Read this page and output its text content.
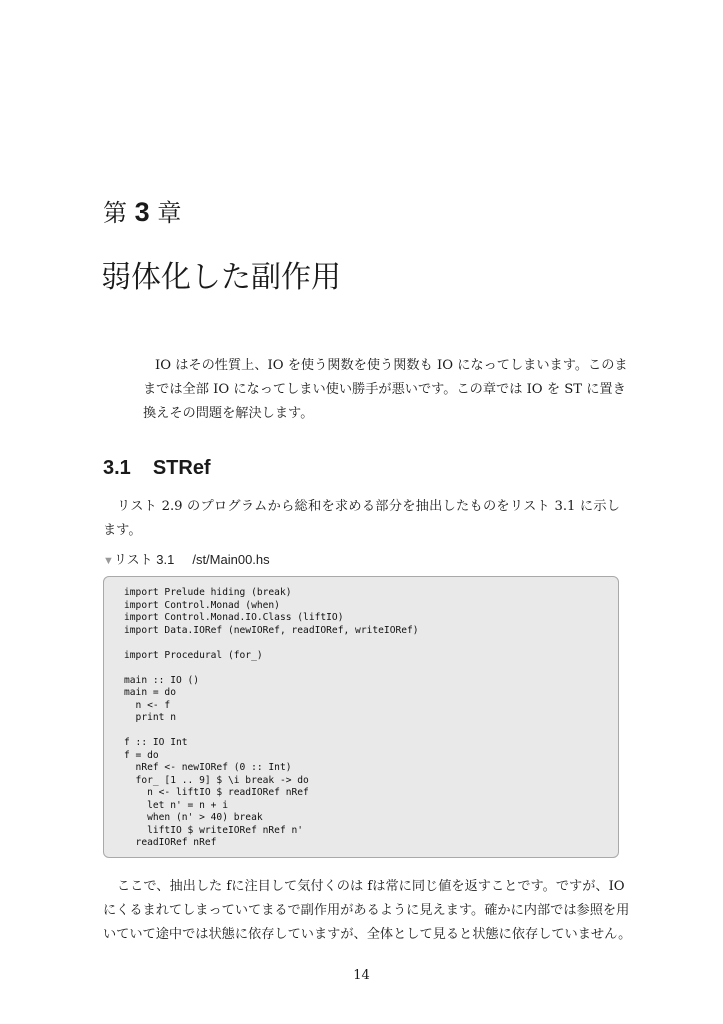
第 3 章
弱体化した副作用
IO はその性質上、IO を使う関数を使う関数も IO になってしまいます。このま
までは全部 IO になってしまい使い勝手が悪いです。この章では IO を ST に置き
換えその問題を解決します。
3.1 STRef
リスト 2.9 のプログラムから総和を求める部分を抽出したものをリスト 3.1 に示し
ます。
▼リスト 3.1 /st/Main00.hs
import Prelude hiding (break)
import Control.Monad (when)
import Control.Monad.IO.Class (liftIO)
import Data.IORef (newIORef, readIORef, writeIORef)

import Procedural (for_)

main :: IO ()
main = do
n <- f
print n

f :: IO Int
f = do
nRef <- newIORef (0 :: Int)
for_ [1 .. 9] $ \i break -> do
n <- liftIO $ readIORef nRef
let n' = n + i
when (n' > 40) break
liftIO $ writeIORef nRef n'
readIORef nRef
ここで、抽出した fに注目して気付くのは fは常に同じ値を返すことです。ですが、IO
にくるまれてしまっていてまるで副作用があるように見えます。確かに内部では参照を用
いていて途中では状態に依存していますが、全体として見ると状態に依存していません。
14
